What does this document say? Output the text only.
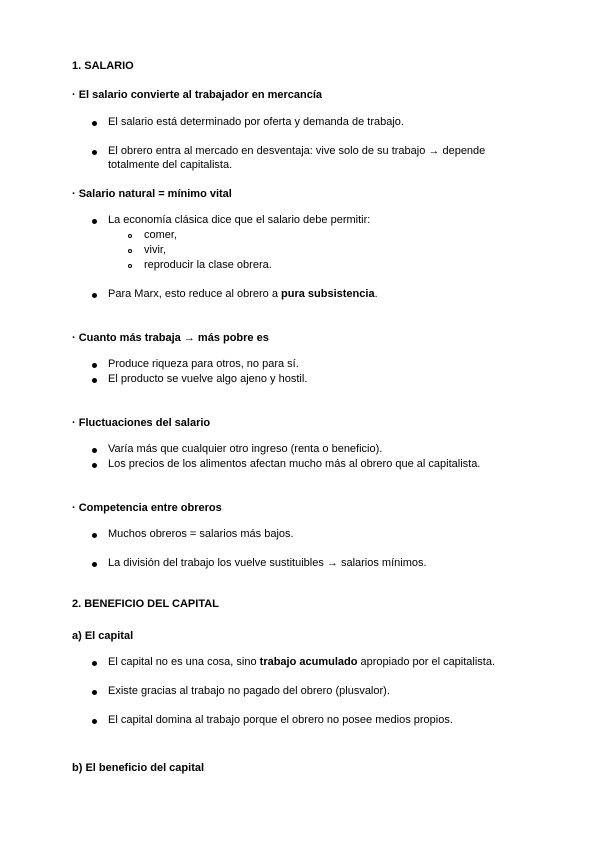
1. SALARIO
· El salario convierte al trabajador en mercancía
El salario está determinado por oferta y demanda de trabajo.
El obrero entra al mercado en desventaja: vive solo de su trabajo → depende
totalmente del capitalista.
· Salario natural = mínimo vital
La economía clásica dice que el salario debe permitir:
comer,
vivir,
reproducir la clase obrera.
Para Marx, esto reduce al obrero a pura subsistencia.
· Cuanto más trabaja → más pobre es
Produce riqueza para otros, no para sí.
El producto se vuelve algo ajeno y hostil.
· Fluctuaciones del salario
Varía más que cualquier otro ingreso (renta o beneficio).
Los precios de los alimentos afectan mucho más al obrero que al capitalista.
· Competencia entre obreros
Muchos obreros = salarios más bajos.
La división del trabajo los vuelve sustituibles → salarios mínimos.
2. BENEFICIO DEL CAPITAL
a) El capital
El capital no es una cosa, sino trabajo acumulado apropiado por el capitalista.
Existe gracias al trabajo no pagado del obrero (plusvalor).
El capital domina al trabajo porque el obrero no posee medios propios.
b) El beneficio del capital
